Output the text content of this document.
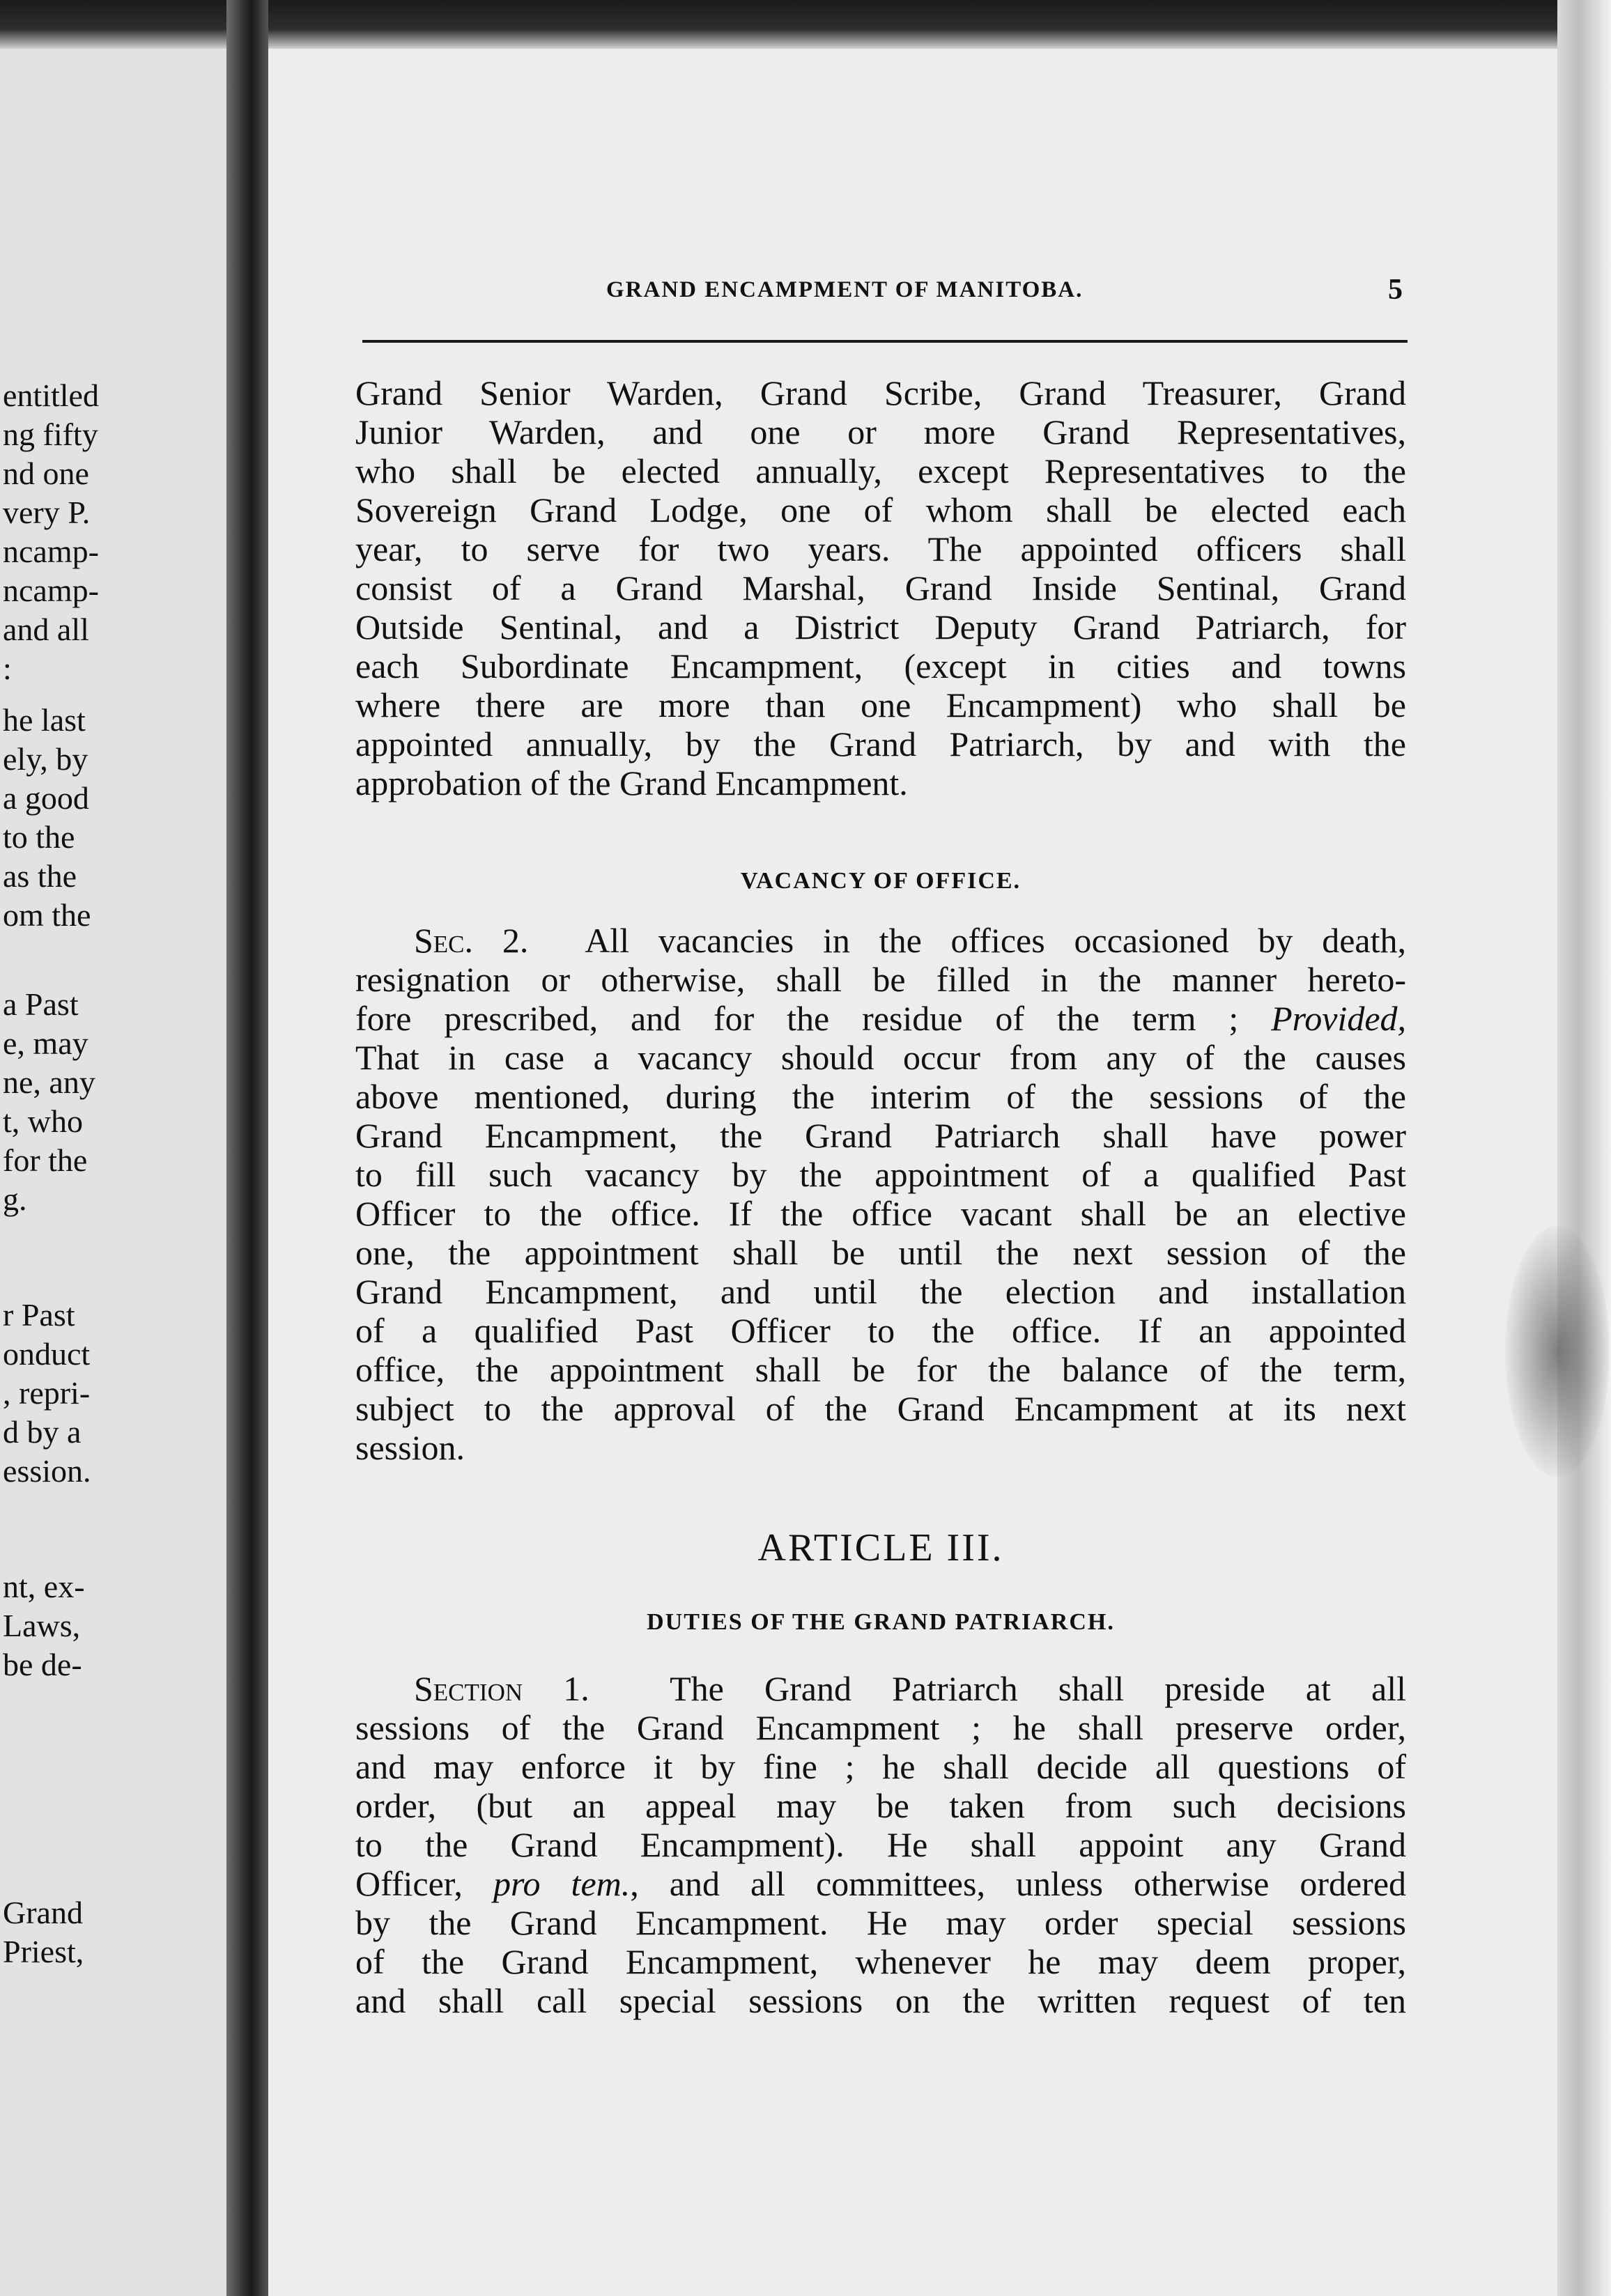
entitled
ng fifty
nd one
very P.
ncamp-
ncamp-
and all
:
he last
ely, by
a good
to the
as the
om the
a Past
e, may
ne, any
t, who
for the
g.
r Past
onduct
, repri-
d by a
ession.
nt, ex-
Laws,
be de-
Grand
Priest,
GRAND ENCAMPMENT OF MANITOBA.	5
Grand Senior Warden, Grand Scribe, Grand Treasurer, Grand
Junior Warden, and one or more Grand Representatives,
who shall be elected annually, except Representatives to the
Sovereign Grand Lodge, one of whom shall be elected each
year, to serve for two years. The appointed officers shall
consist of a Grand Marshal, Grand Inside Sentinal, Grand
Outside Sentinal, and a District Deputy Grand Patriarch, for
each Subordinate Encampment, (except in cities and towns
where there are more than one Encampment) who shall be
appointed annually, by the Grand Patriarch, by and with the
approbation of the Grand Encampment.
VACANCY OF OFFICE.
Sec. 2. All vacancies in the offices occasioned by death,
resignation or otherwise, shall be filled in the manner hereto-
fore prescribed, and for the residue of the term ; Provided,
That in case a vacancy should occur from any of the causes
above mentioned, during the interim of the sessions of the
Grand Encampment, the Grand Patriarch shall have power
to fill such vacancy by the appointment of a qualified Past
Officer to the office. If the office vacant shall be an elective
one, the appointment shall be until the next session of the
Grand Encampment, and until the election and installation
of a qualified Past Officer to the office. If an appointed
office, the appointment shall be for the balance of the term,
subject to the approval of the Grand Encampment at its next
session.
ARTICLE III.
DUTIES OF THE GRAND PATRIARCH.
Section 1. The Grand Patriarch shall preside at all
sessions of the Grand Encampment ; he shall preserve order,
and may enforce it by fine ; he shall decide all questions of
order, (but an appeal may be taken from such decisions
to the Grand Encampment). He shall appoint any Grand
Officer, pro tem., and all committees, unless otherwise ordered
by the Grand Encampment. He may order special sessions
of the Grand Encampment, whenever he may deem proper,
and shall call special sessions on the written request of ten
